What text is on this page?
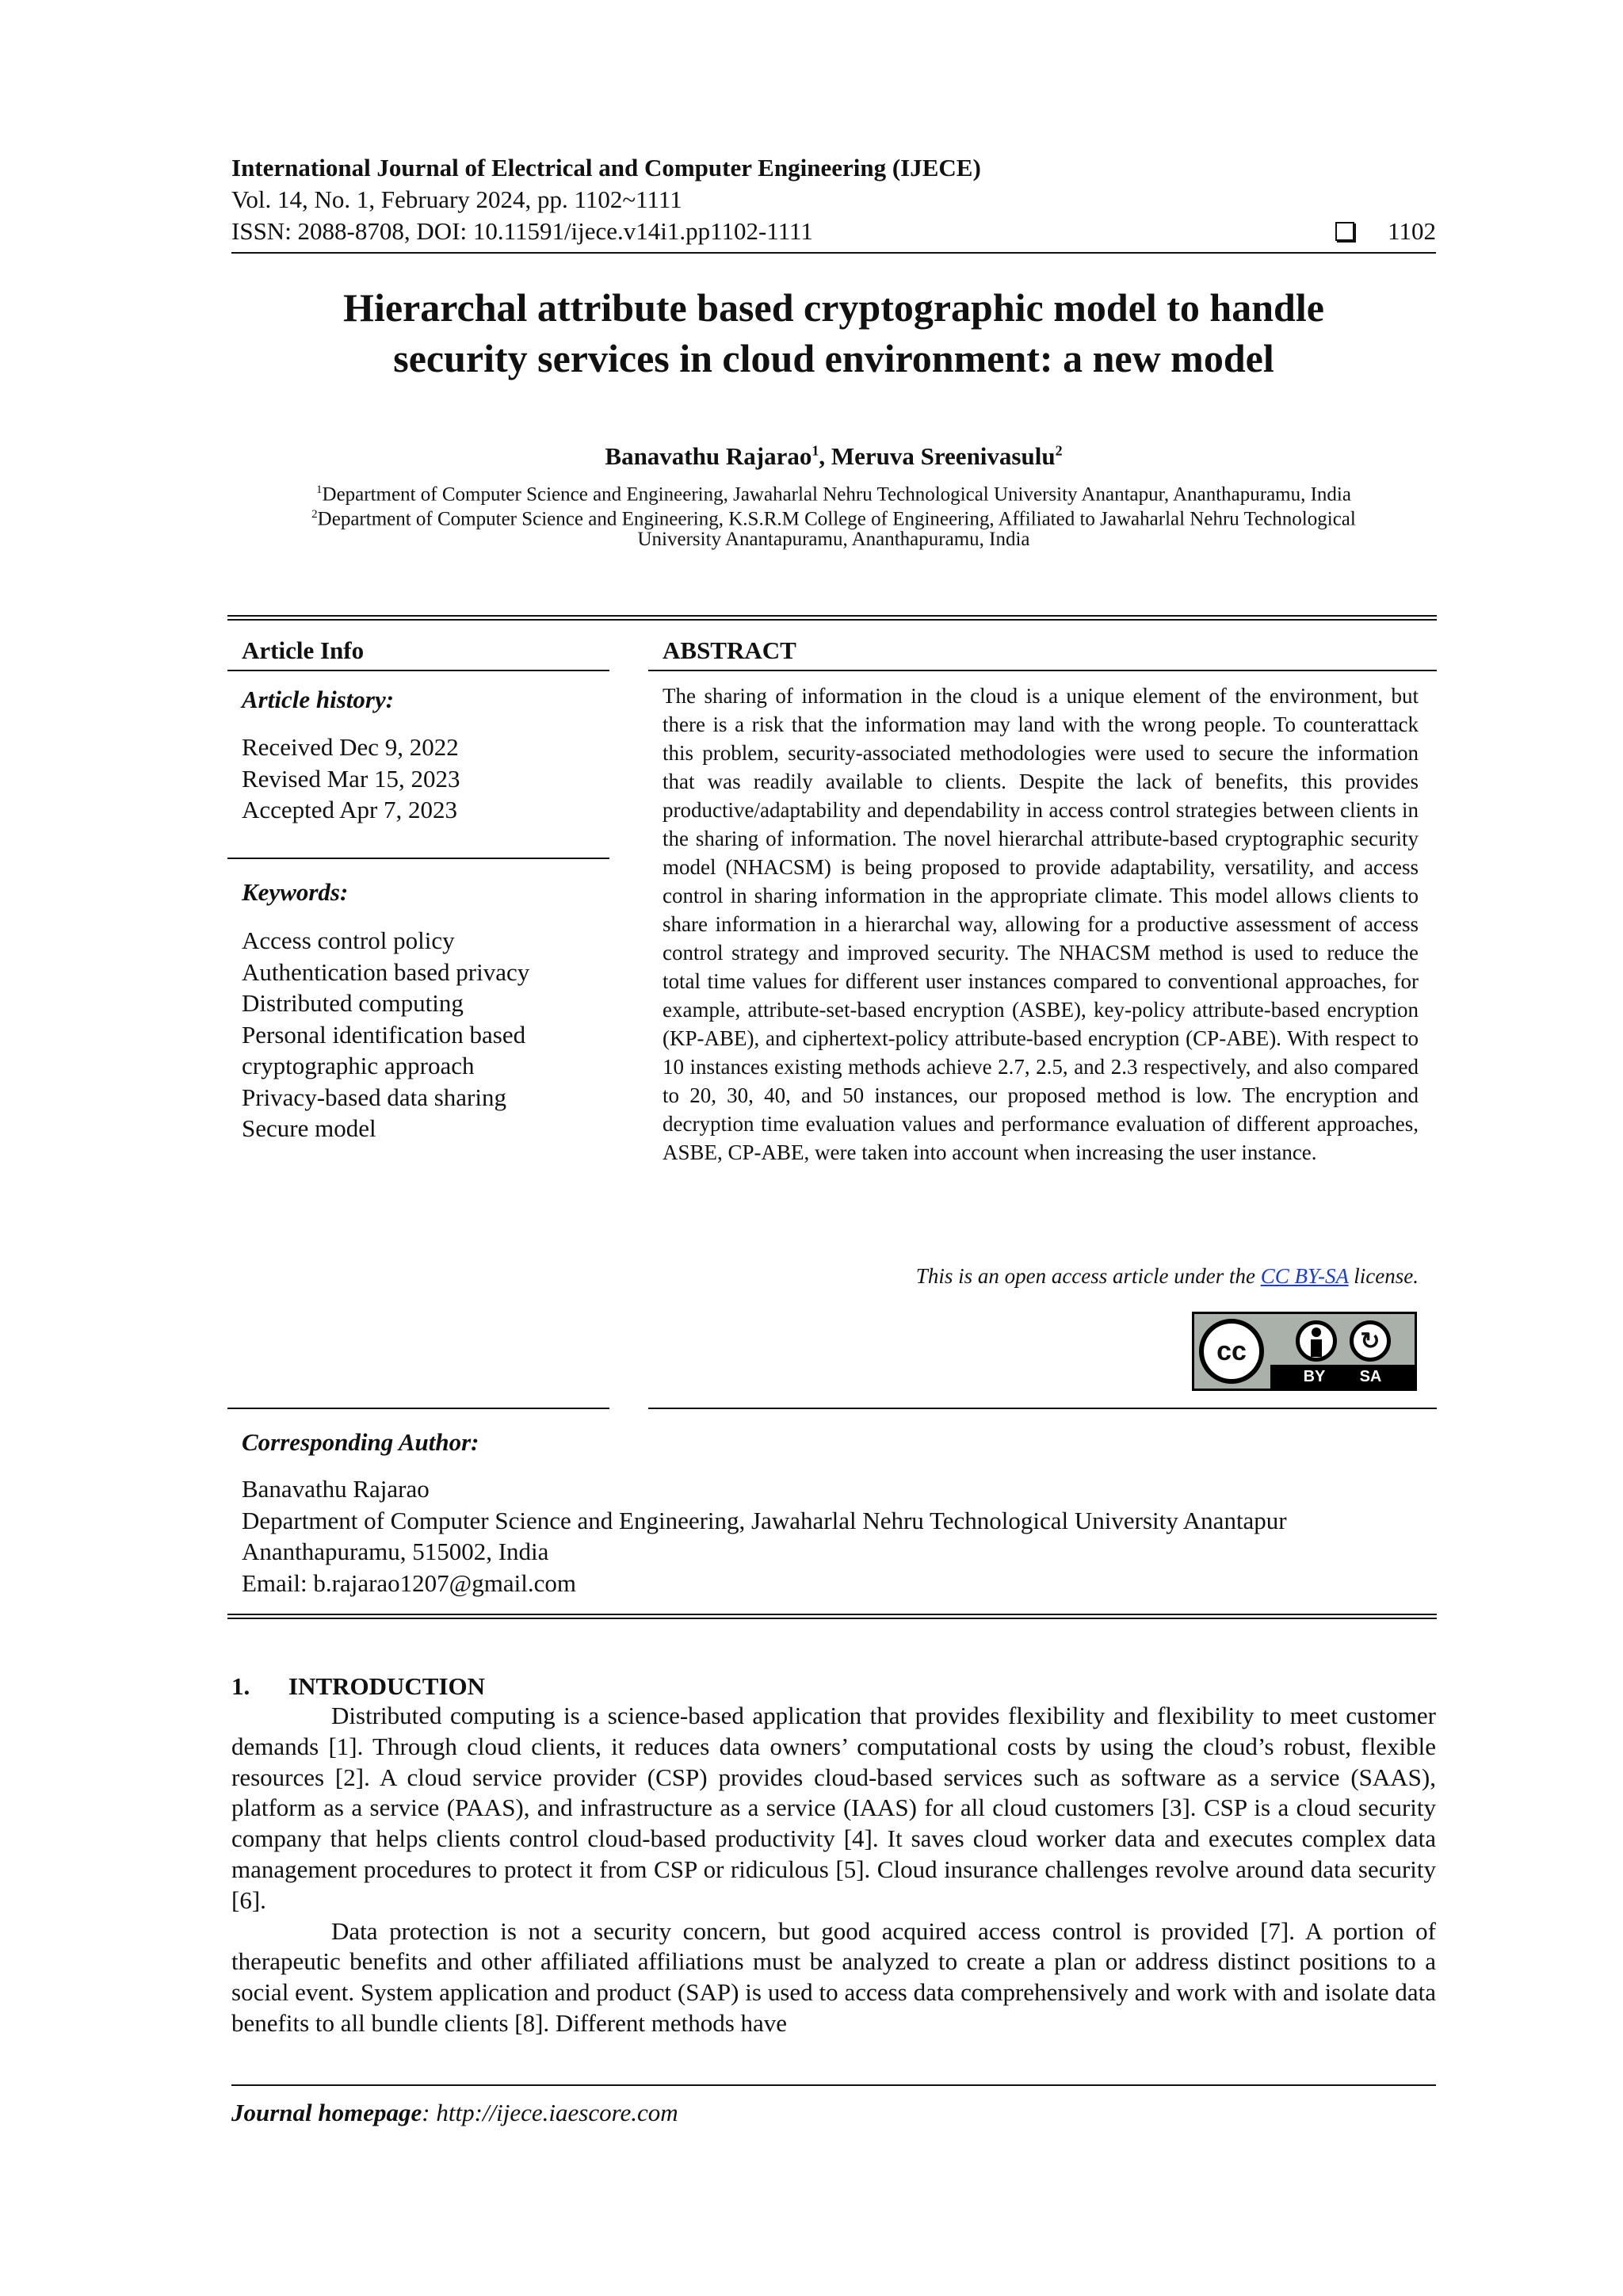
International Journal of Electrical and Computer Engineering (IJECE)
Vol. 14, No. 1, February 2024, pp. 1102~1111
ISSN: 2088-8708, DOI: 10.11591/ijece.v14i1.pp1102-1111	1102
Hierarchal attribute based cryptographic model to handle
security services in cloud environment: a new model
Banavathu Rajarao$^1$, Meruva Sreenivasulu$^2$
$^1$Department of Computer Science and Engineering, Jawaharlal Nehru Technological University Anantapur, Ananthapuramu, India
$^2$Department of Computer Science and Engineering, K.S.R.M College of Engineering, Affiliated to Jawaharlal Nehru Technological
University Anantapuramu, Ananthapuramu, India
Article Info
Article history:
Received Dec 9, 2022
Revised Mar 15, 2023
Accepted Apr 7, 2023
Keywords:
Access control policy
Authentication based privacy
Distributed computing
Personal identification based
cryptographic approach
Privacy-based data sharing
Secure model
ABSTRACT
The sharing of information in the cloud is a unique element of the environment, but there is a risk that the information may land with the wrong people. To counterattack this problem, security-associated methodologies were used to secure the information that was readily available to clients. Despite the lack of benefits, this provides productive/adaptability and dependability in access control strategies between clients in the sharing of information. The novel hierarchal attribute-based cryptographic security model (NHACSM) is being proposed to provide adaptability, versatility, and access control in sharing information in the appropriate climate. This model allows clients to share information in a hierarchal way, allowing for a productive assessment of access control strategy and improved security. The NHACSM method is used to reduce the total time values for different user instances compared to conventional approaches, for example, attribute-set-based encryption (ASBE), key-policy attribute-based encryption (KP-ABE), and ciphertext-policy attribute-based encryption (CP-ABE). With respect to 10 instances existing methods achieve 2.7, 2.5, and 2.3 respectively, and also compared to 20, 30, 40, and 50 instances, our proposed method is low. The encryption and decryption time evaluation values and performance evaluation of different approaches, ASBE, CP-ABE, were taken into account when increasing the user instance.
This is an open access article under the CC BY-SA license.
cc	↻
BY SA
Corresponding Author:
Banavathu Rajarao
Department of Computer Science and Engineering, Jawaharlal Nehru Technological University Anantapur
Ananthapuramu, 515002, India
Email: b.rajarao1207@gmail.com
1. INTRODUCTION

Distributed computing is a science-based application that provides flexibility and flexibility to meet customer demands [1]. Through cloud clients, it reduces data owners’ computational costs by using the cloud’s robust, flexible resources [2]. A cloud service provider (CSP) provides cloud-based services such as software as a service (SAAS), platform as a service (PAAS), and infrastructure as a service (IAAS) for all cloud customers [3]. CSP is a cloud security company that helps clients control cloud-based productivity [4]. It saves cloud worker data and executes complex data management procedures to protect it from CSP or ridiculous [5]. Cloud insurance challenges revolve around data security [6].

Data protection is not a security concern, but good acquired access control is provided [7]. A portion of therapeutic benefits and other affiliated affiliations must be analyzed to create a plan or address distinct positions to a social event. System application and product (SAP) is used to access data comprehensively and work with and isolate data benefits to all bundle clients [8]. Different methods have

Journal homepage: http://ijece.iaescore.com
